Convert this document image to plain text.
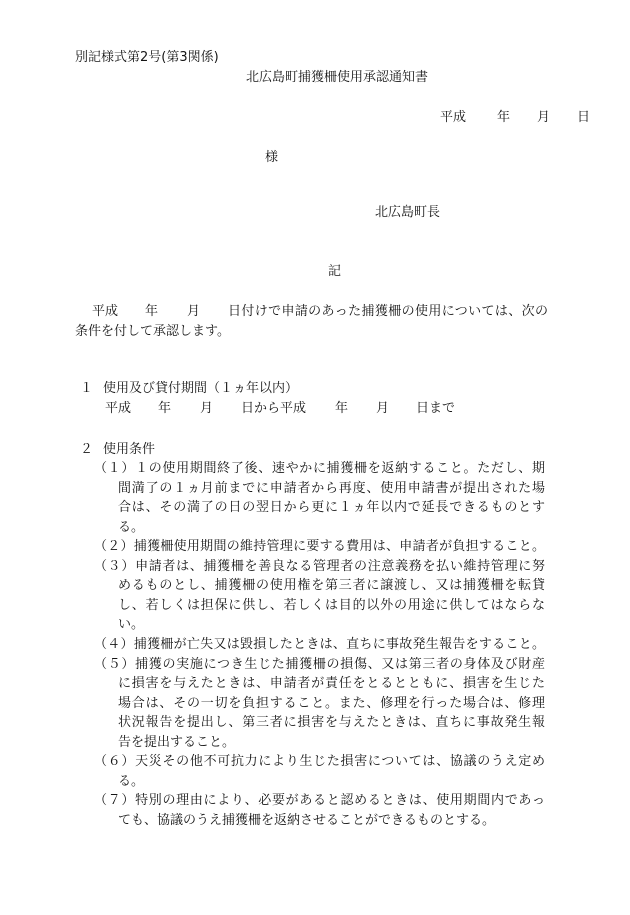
別記様式第2号(第3関係)
北広島町捕獲柵使用承認通知書
平成 年 月 日
様
北広島町長
記
平成 年 月 日付けで申請のあった捕獲柵の使用については、次の
条件を付して承認します。
１ 使用及び貸付期間（１ヵ年以内）
平成 年 月 日から平成 年 月 日まで
２ 使用条件
（１）１の使用期間終了後、速やかに捕獲柵を返納すること。ただし、期
間満了の１ヵ月前までに申請者から再度、使用申請書が提出された場
合は、その満了の日の翌日から更に１ヵ年以内で延長できるものとす
る。
（２）捕獲柵使用期間の維持管理に要する費用は、申請者が負担すること。
（３）申請者は、捕獲柵を善良なる管理者の注意義務を払い維持管理に努
めるものとし、捕獲柵の使用権を第三者に譲渡し、又は捕獲柵を転貸
し、若しくは担保に供し、若しくは目的以外の用途に供してはならな
い。
（４）捕獲柵が亡失又は毀損したときは、直ちに事故発生報告をすること。
（５）捕獲の実施につき生じた捕獲柵の損傷、又は第三者の身体及び財産
に損害を与えたときは、申請者が責任をとるとともに、損害を生じた
場合は、その一切を負担すること。また、修理を行った場合は、修理
状況報告を提出し、第三者に損害を与えたときは、直ちに事故発生報
告を提出すること。
（６）天災その他不可抗力により生じた損害については、協議のうえ定め
る。
（７）特別の理由により、必要があると認めるときは、使用期間内であっ
ても、協議のうえ捕獲柵を返納させることができるものとする。
